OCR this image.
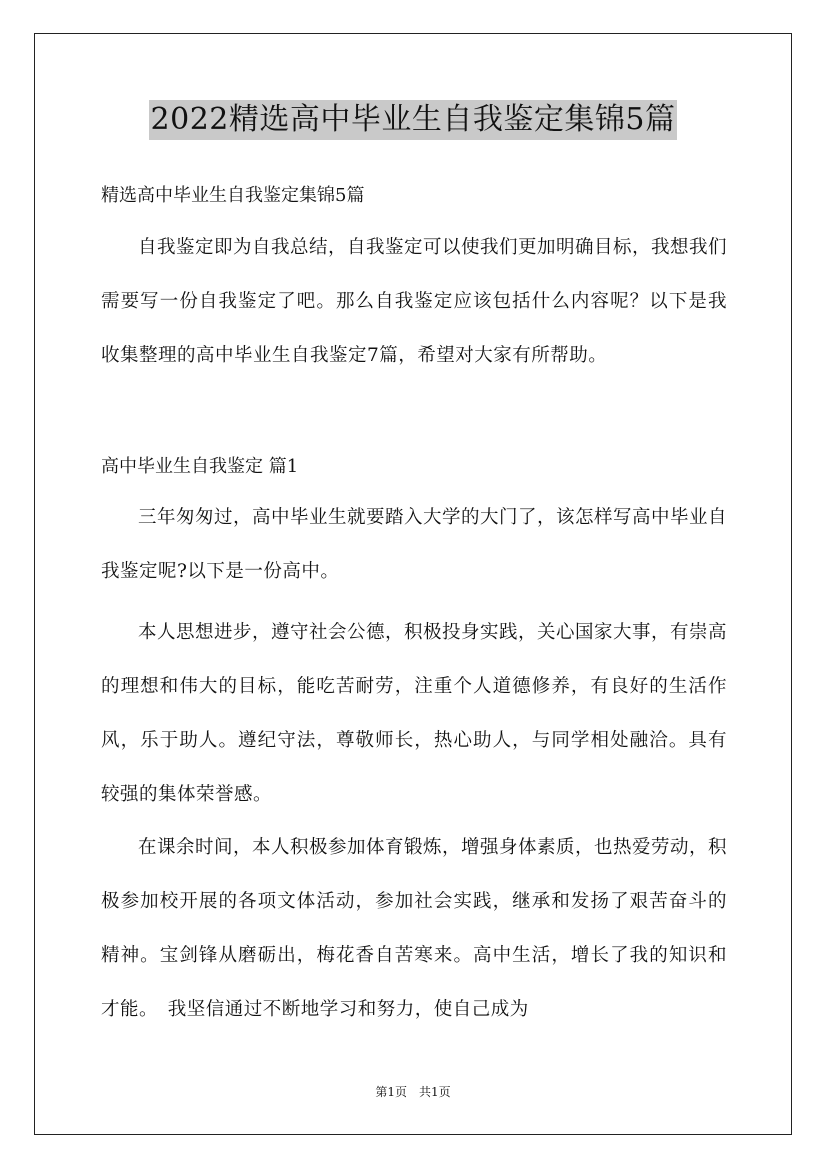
2022精选高中毕业生自我鉴定集锦5篇

精选高中毕业生自我鉴定集锦5篇

自我鉴定即为自我总结，自我鉴定可以使我们更加明确目标，我想我们需要写一份自我鉴定了吧。那么自我鉴定应该包括什么内容呢？以下是我收集整理的高中毕业生自我鉴定7篇，希望对大家有所帮助。

高中毕业生自我鉴定 篇1

三年匆匆过，高中毕业生就要踏入大学的大门了，该怎样写高中毕业自我鉴定呢?以下是一份高中。

本人思想进步，遵守社会公德，积极投身实践，关心国家大事，有崇高的理想和伟大的目标，能吃苦耐劳，注重个人道德修养，有良好的生活作风，乐于助人。遵纪守法，尊敬师长，热心助人，与同学相处融洽。具有较强的集体荣誉感。

在课余时间，本人积极参加体育锻炼，增强身体素质，也热爱劳动，积极参加校开展的各项文体活动，参加社会实践，继承和发扬了艰苦奋斗的精神。宝剑锋从磨砺出，梅花香自苦寒来。高中生活，增长了我的知识和才能。　我坚信通过不断地学习和努力，使自己成为

第1页　共1页
